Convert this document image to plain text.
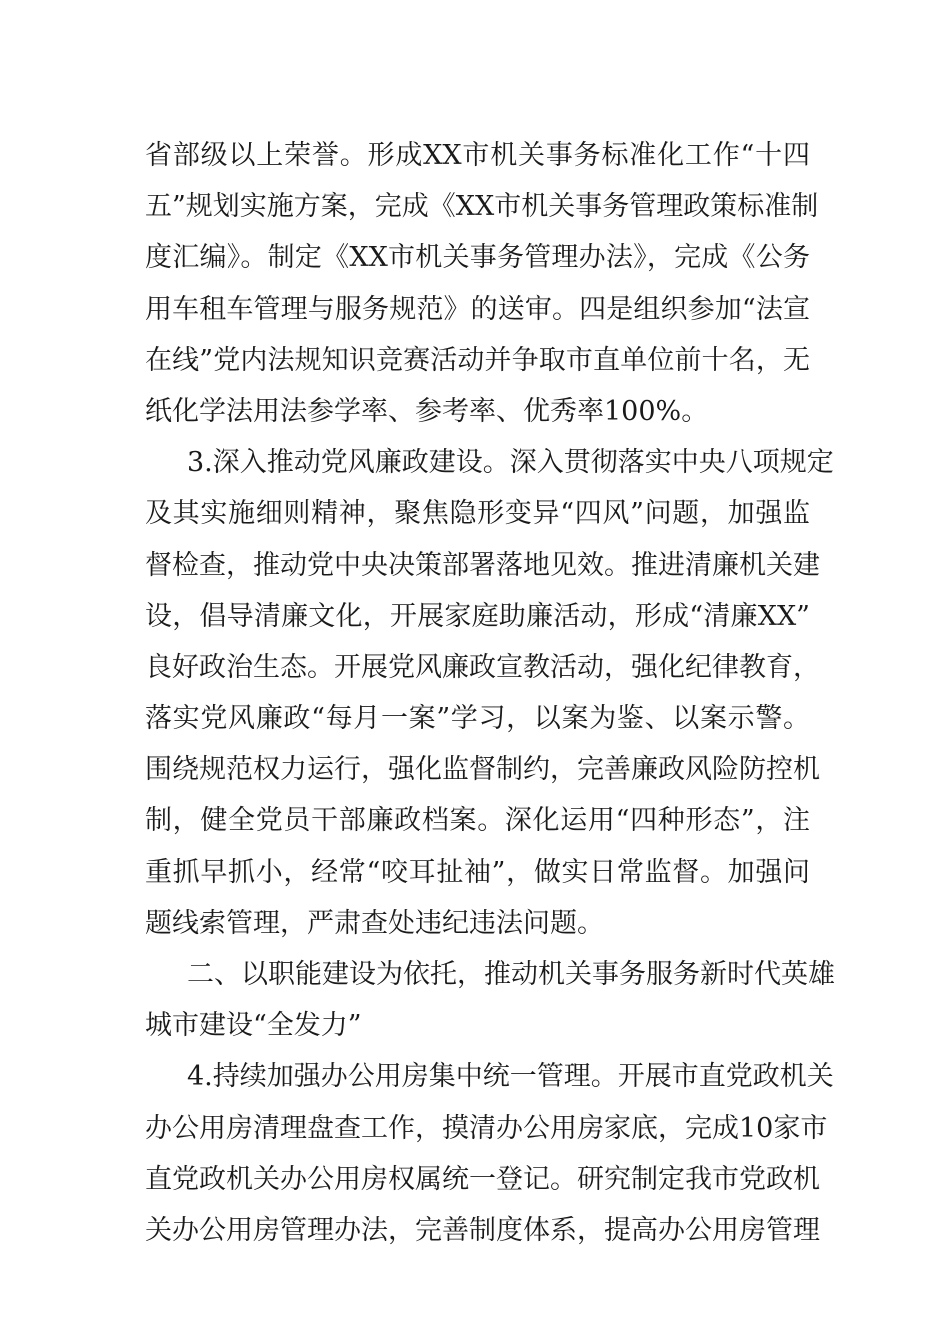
省部级以上荣誉。形成XX市机关事务标准化工作“十四
五”规划实施方案，完成《XX市机关事务管理政策标准制
度汇编》。制定《XX市机关事务管理办法》，完成《公务
用车租车管理与服务规范》的送审。四是组织参加“法宣
在线”党内法规知识竞赛活动并争取市直单位前十名，无
纸化学法用法参学率、参考率、优秀率100%。
3.深入推动党风廉政建设。深入贯彻落实中央八项规定
及其实施细则精神，聚焦隐形变异“四风”问题，加强监
督检查，推动党中央决策部署落地见效。推进清廉机关建
设，倡导清廉文化，开展家庭助廉活动，形成“清廉XX”
良好政治生态。开展党风廉政宣教活动，强化纪律教育，
落实党风廉政“每月一案”学习，以案为鉴、以案示警。
围绕规范权力运行，强化监督制约，完善廉政风险防控机
制，健全党员干部廉政档案。深化运用“四种形态”，注
重抓早抓小，经常“咬耳扯袖”，做实日常监督。加强问
题线索管理，严肃查处违纪违法问题。
二、以职能建设为依托，推动机关事务服务新时代英雄
城市建设“全发力”
4.持续加强办公用房集中统一管理。开展市直党政机关
办公用房清理盘查工作，摸清办公用房家底，完成10家市
直党政机关办公用房权属统一登记。研究制定我市党政机
关办公用房管理办法，完善制度体系，提高办公用房管理
